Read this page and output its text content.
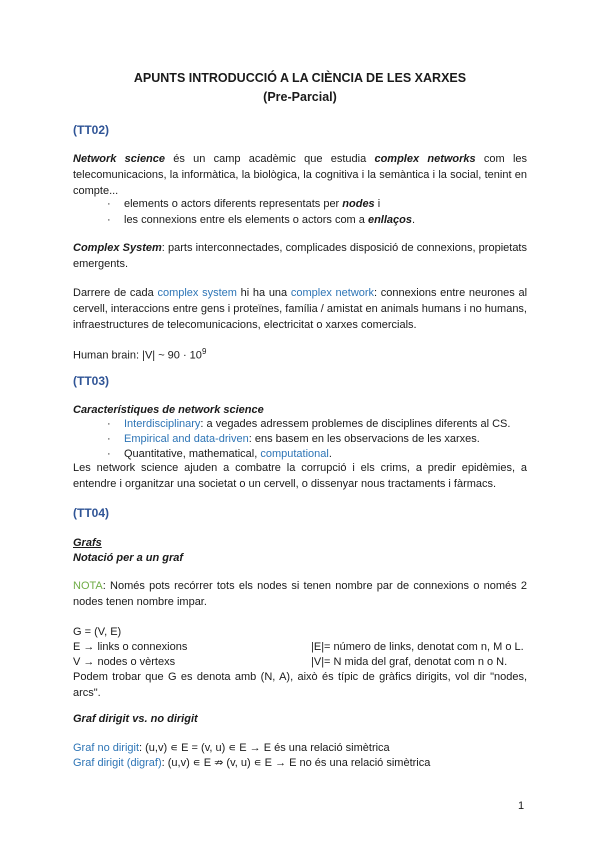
APUNTS INTRODUCCIÓ A LA CIÈNCIA DE LES XARXES
(Pre-Parcial)
(TT02)
Network science és un camp acadèmic que estudia complex networks com les telecomunicacions, la informàtica, la biològica, la cognitiva i la semàntica i la social, tenint en compte...
· elements o actors diferents representats per nodes i
· les connexions entre els elements o actors com a enllaços.
Complex System: parts interconnectades, complicades disposició de connexions, propietats emergents.
Darrere de cada complex system hi ha una complex network: connexions entre neurones al cervell, interaccions entre gens i proteïnes, família / amistat en animals humans i no humans, infraestructures de telecomunicacions, electricitat o xarxes comercials.
Human brain: |V| ~ $90 \cdot 10^9$
(TT03)
Característiques de network science
· Interdisciplinary: a vegades adressem problemes de disciplines diferents al CS.
· Empirical and data-driven: ens basem en les observacions de les xarxes.
· Quantitative, mathematical, computational.
Les network science ajuden a combatre la corrupció i els crims, a predir epidèmies, a entendre i organitzar una societat o un cervell, o dissenyar nous tractaments i fàrmacs.
(TT04)
Grafs
Notació per a un graf
NOTA: Només pots recórrer tots els nodes si tenen nombre par de connexions o només 2 nodes tenen nombre impar.
G = (V, E)
E → links o connexions	|E|= número de links, denotat com n, M o L.
V → nodes o vèrtexs	|V|= N mida del graf, denotat com n o N.
Podem trobar que G es denota amb (N, A), això és típic de gràfics dirigits, vol dir "nodes, arcs".
Graf dirigit vs. no dirigit
Graf no dirigit: (u,v) ∊ E = (v, u) ∊ E → E és una relació simètrica
Graf dirigit (digraf): (u,v) ∊ E ⇏ (v, u) ∊ E → E no és una relació simètrica
1
